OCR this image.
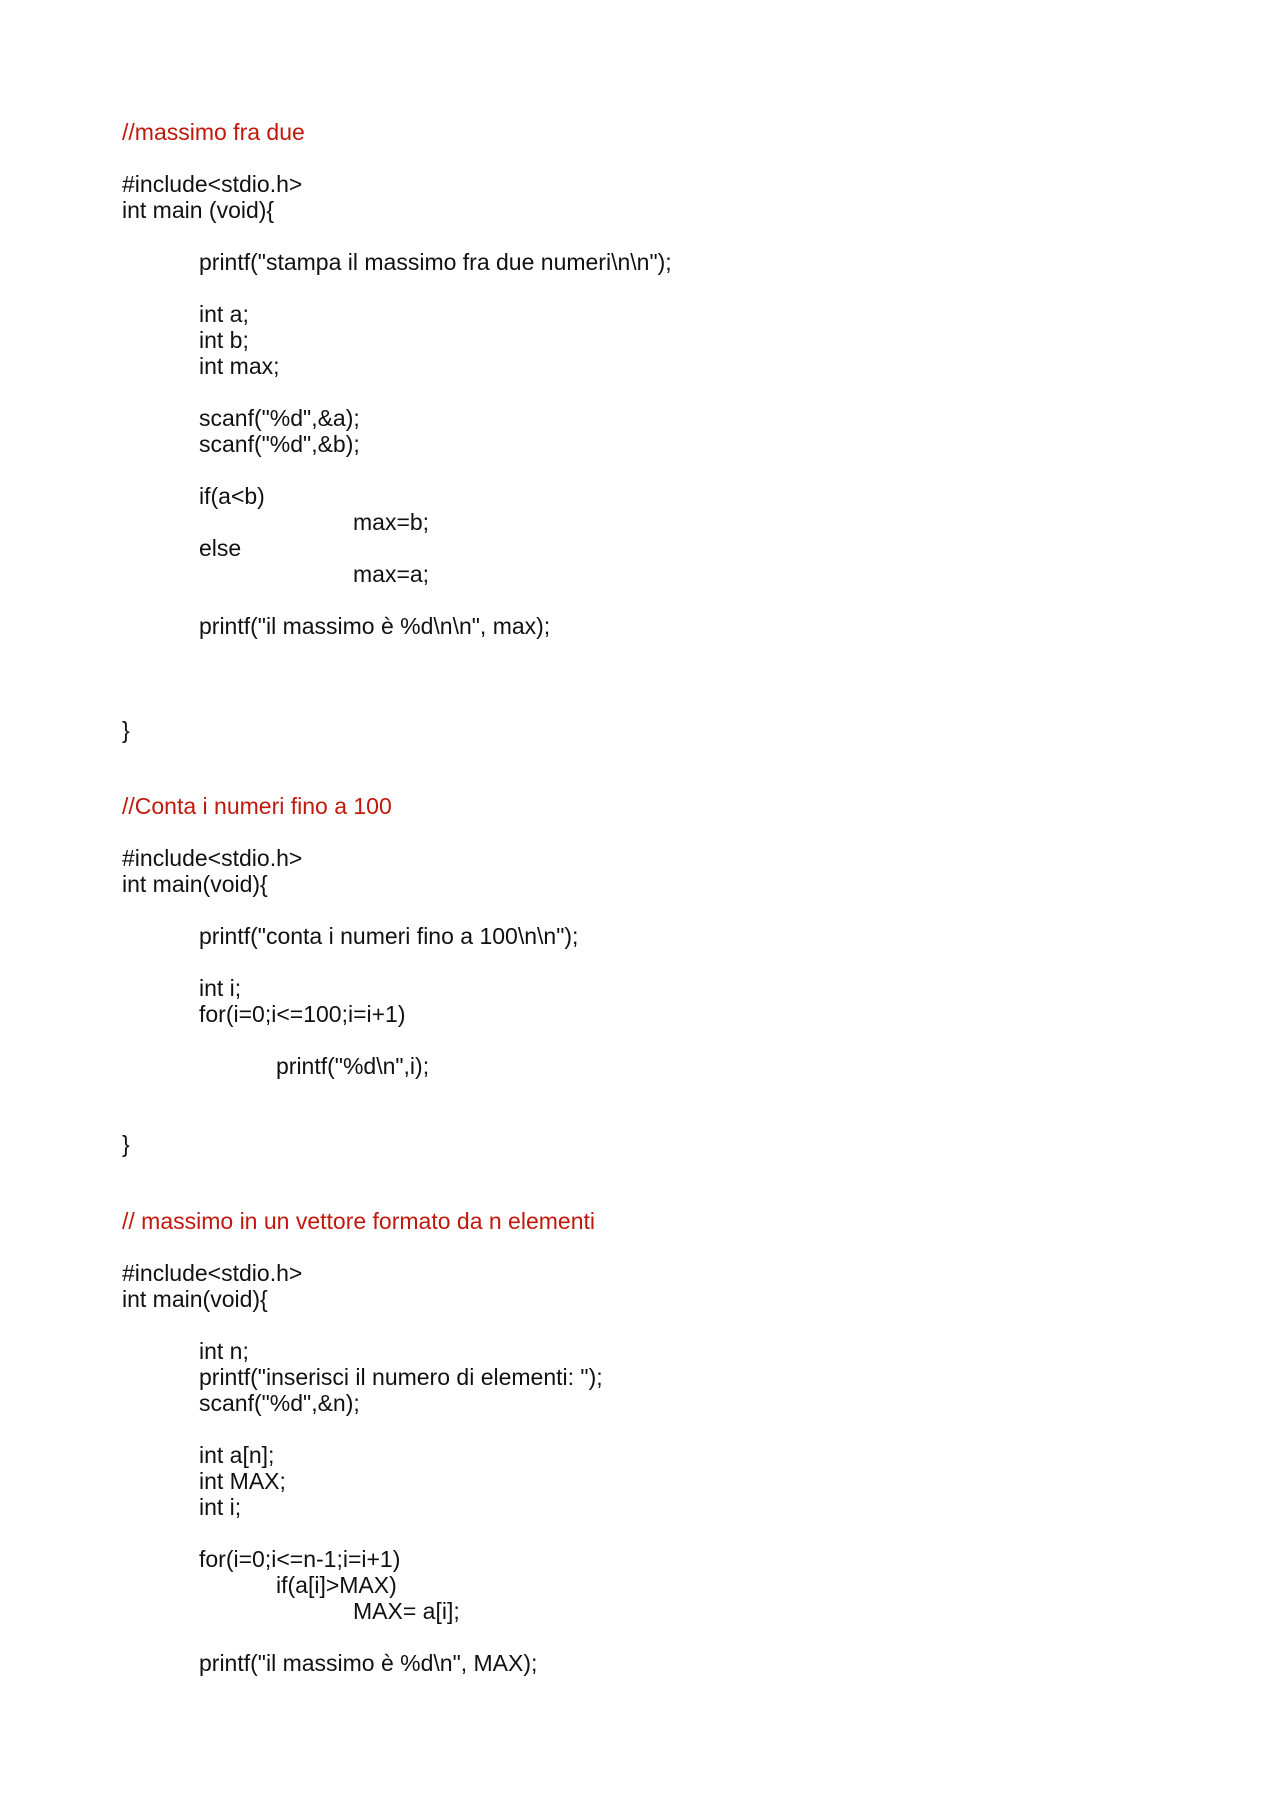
//massimo fra due
#include<stdio.h>
int main (void){
printf("stampa il massimo fra due numeri\n\n");
int a;
int b;
int max;
scanf("%d",&a);
scanf("%d",&b);
if(a<b)
max=b;
else
max=a;
printf("il massimo è %d\n\n", max);
}
//Conta i numeri fino a 100
#include<stdio.h>
int main(void){
printf("conta i numeri fino a 100\n\n");
int i;
for(i=0;i<=100;i=i+1)
printf("%d\n",i);
}
// massimo in un vettore formato da n elementi
#include<stdio.h>
int main(void){
int n;
printf("inserisci il numero di elementi: ");
scanf("%d",&n);
int a[n];
int MAX;
int i;
for(i=0;i<=n-1;i=i+1)
if(a[i]>MAX)
MAX= a[i];
printf("il massimo è %d\n", MAX);
